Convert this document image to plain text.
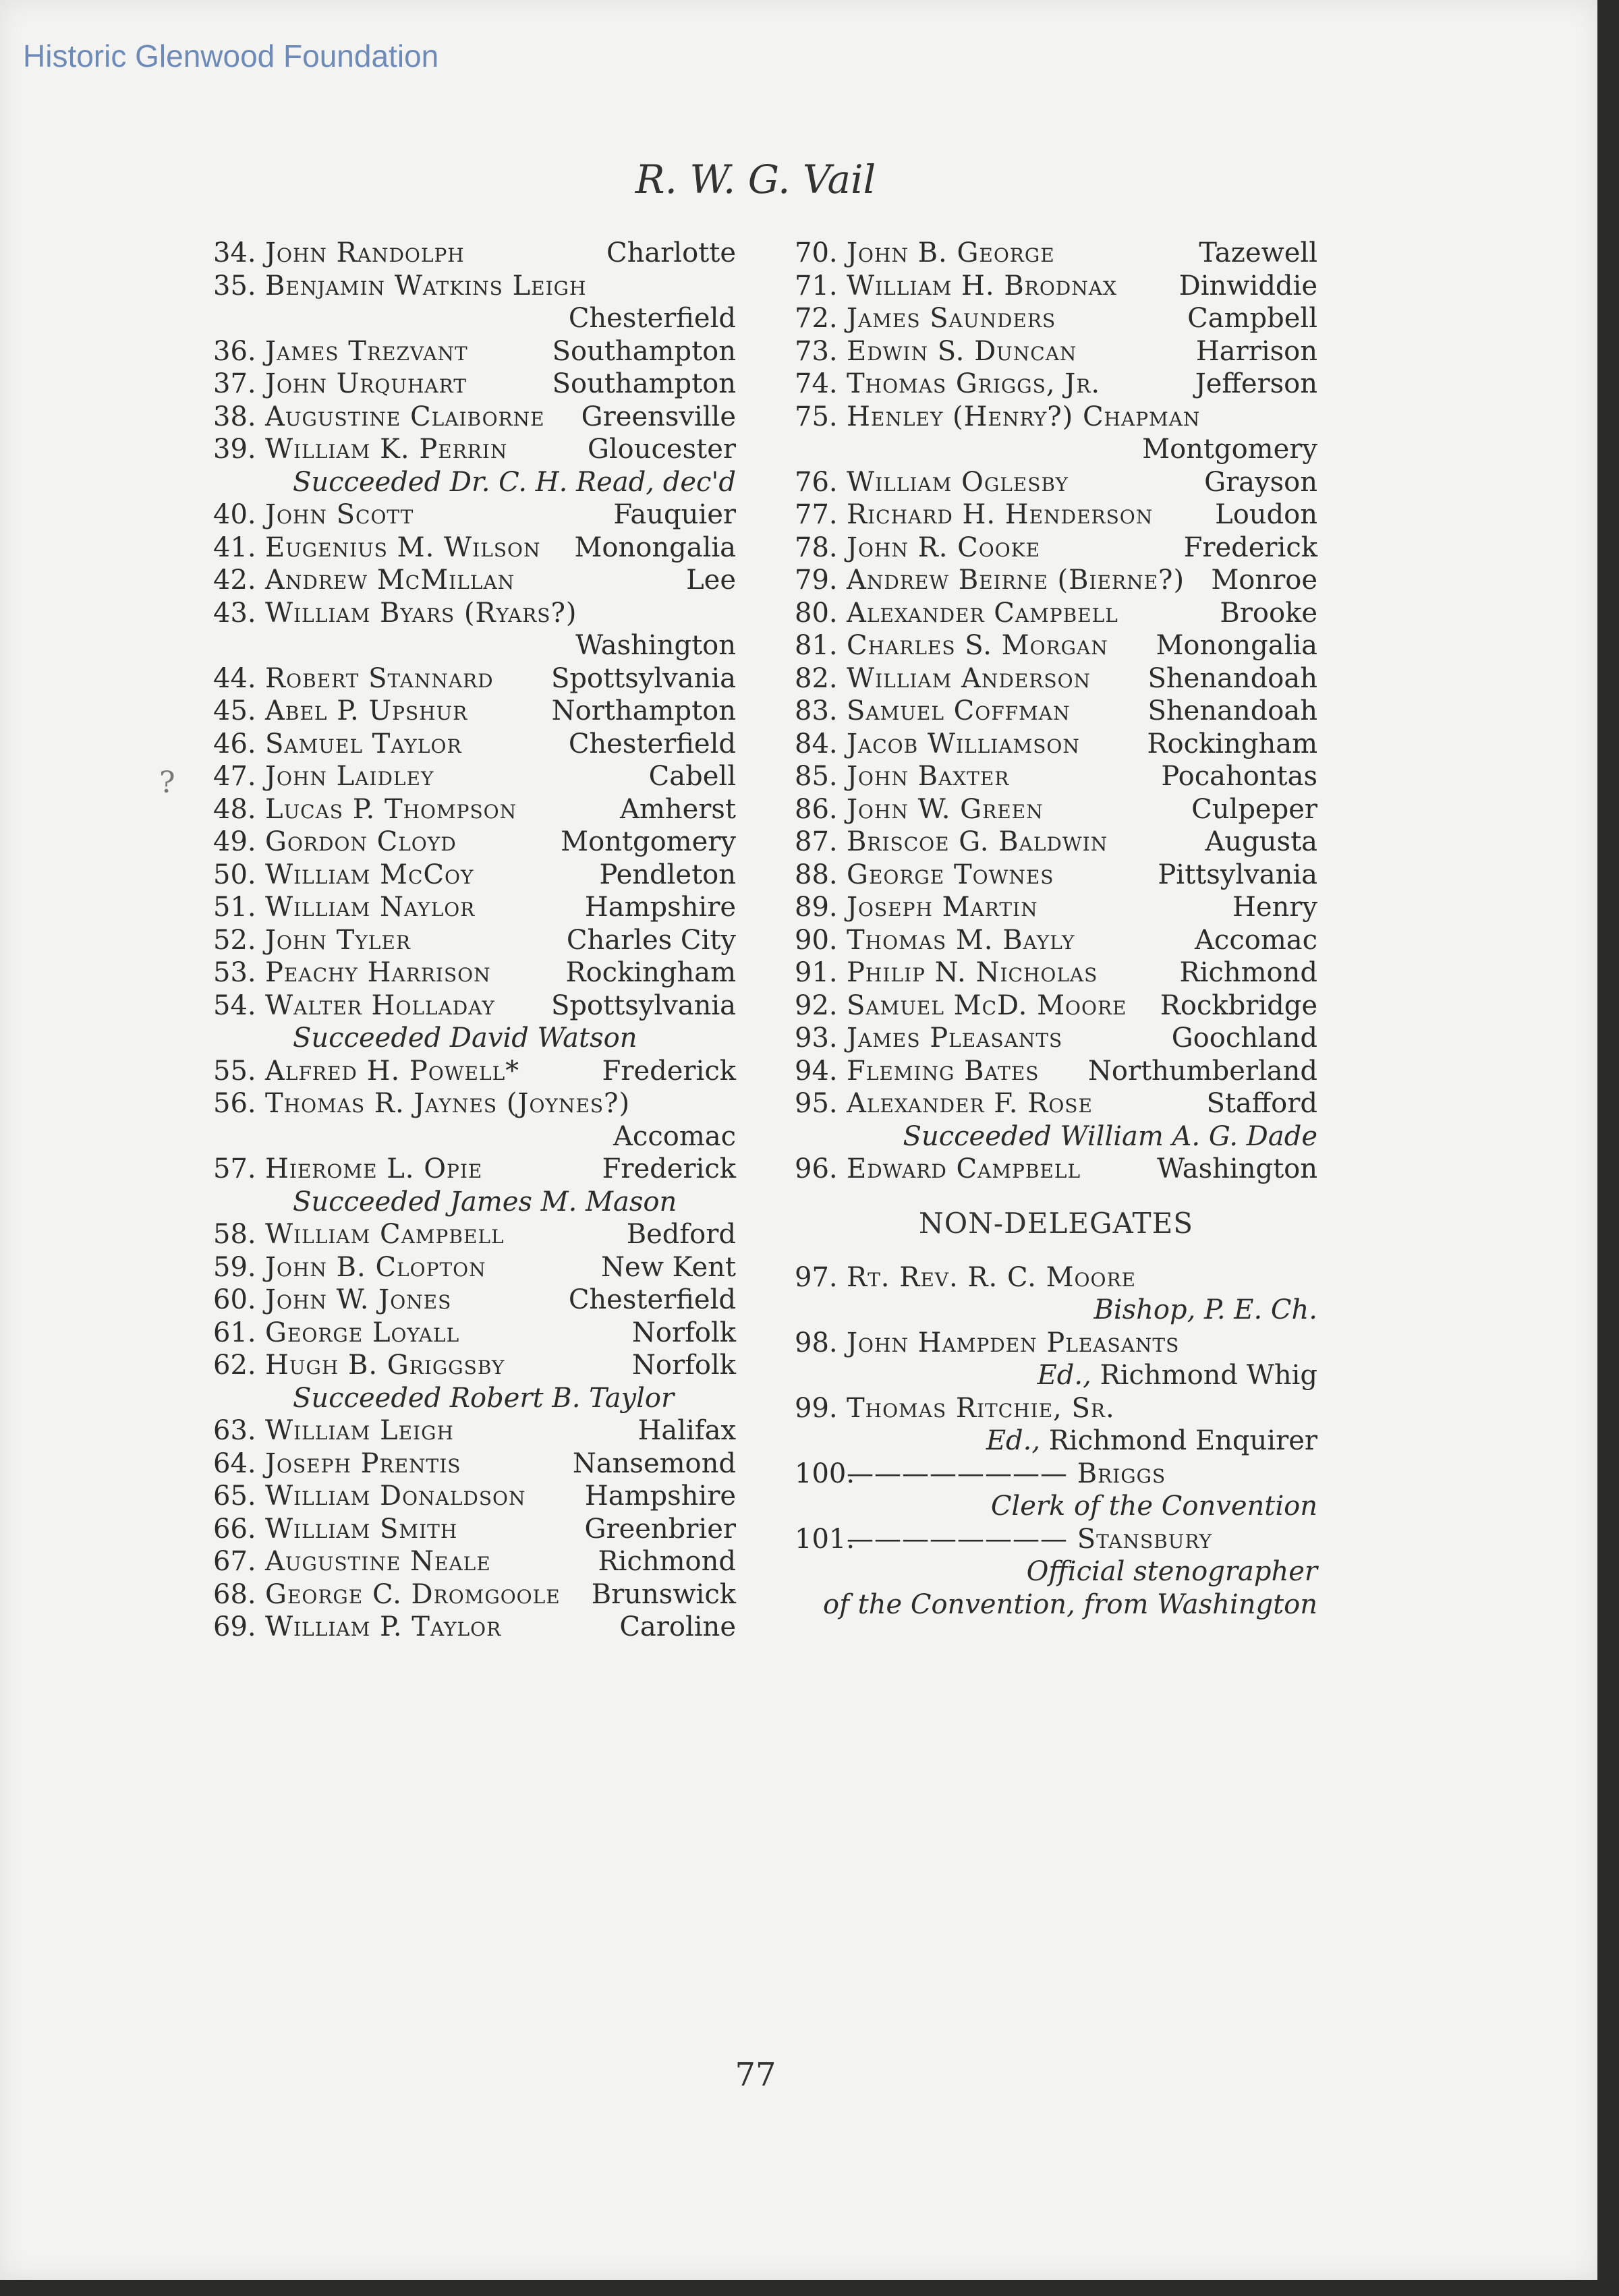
Historic Glenwood Foundation
R. W. G. Vail
?
34. John Randolph	Charlotte
35. Benjamin Watkins Leigh
Chesterfield
36. James Trezvant	Southampton
37. John Urquhart	Southampton
38. Augustine Claiborne Greensville
39. William K. Perrin	Gloucester
Succeeded Dr. C. H. Read, dec'd
40. John Scott	Fauquier
41. Eugenius M. Wilson Monongalia
42. Andrew McMillan	Lee
43. William Byars (Ryars?)
Washington
44. Robert Stannard Spottsylvania
45. Abel P. Upshur	Northampton
46. Samuel Taylor	Chesterfield
47. John Laidley	Cabell
48. Lucas P. Thompson	Amherst
49. Gordon Cloyd	Montgomery
50. William McCoy	Pendleton
51. William Naylor	Hampshire
52. John Tyler	Charles City
53. Peachy Harrison	Rockingham
54. Walter Holladay Spottsylvania
Succeeded David Watson
55. Alfred H. Powell*	Frederick
56. Thomas R. Jaynes (Joynes?)
Accomac
57. Hierome L. Opie	Frederick
Succeeded James M. Mason
58. William Campbell	Bedford
59. John B. Clopton	New Kent
60. John W. Jones	Chesterfield
61. George Loyall	Norfolk
62. Hugh B. Griggsby	Norfolk
Succeeded Robert B. Taylor
63. William Leigh	Halifax
64. Joseph Prentis	Nansemond
65. William Donaldson Hampshire
66. William Smith	Greenbrier
67. Augustine Neale	Richmond
68. George C. Dromgoole Brunswick
69. William P. Taylor	Caroline
70. John B. George	Tazewell
71. William H. Brodnax Dinwiddie
72. James Saunders	Campbell
73. Edwin S. Duncan	Harrison
74. Thomas Griggs, Jr.	Jefferson
75. Henley (Henry?) Chapman
Montgomery
76. William Oglesby	Grayson
77. Richard H. Henderson Loudon
78. John R. Cooke	Frederick
79. Andrew Beirne (Bierne?) Monroe
80. Alexander Campbell	Brooke
81. Charles S. Morgan Monongalia
82. William Anderson Shenandoah
83. Samuel Coffman	Shenandoah
84. Jacob Williamson Rockingham
85. John Baxter	Pocahontas
86. John W. Green	Culpeper
87. Briscoe G. Baldwin	Augusta
88. George Townes	Pittsylvania
89. Joseph Martin	Henry
90. Thomas M. Bayly	Accomac
91. Philip N. Nicholas	Richmond
92. Samuel McD. Moore Rockbridge
93. James Pleasants	Goochland
94. Fleming Bates Northumberland
95. Alexander F. Rose	Stafford
Succeeded William A. G. Dade
96. Edward Campbell	Washington
NON-DELEGATES
97. Rt. Rev. R. C. Moore
Bishop, P. E. Ch.
98. John Hampden Pleasants
Ed., Richmond Whig
99. Thomas Ritchie, Sr.
Ed., Richmond Enquirer
100.
———————— Briggs
Clerk of the Convention
101.
———————— Stansbury
Official stenographer
of the Convention, from Washington
77
